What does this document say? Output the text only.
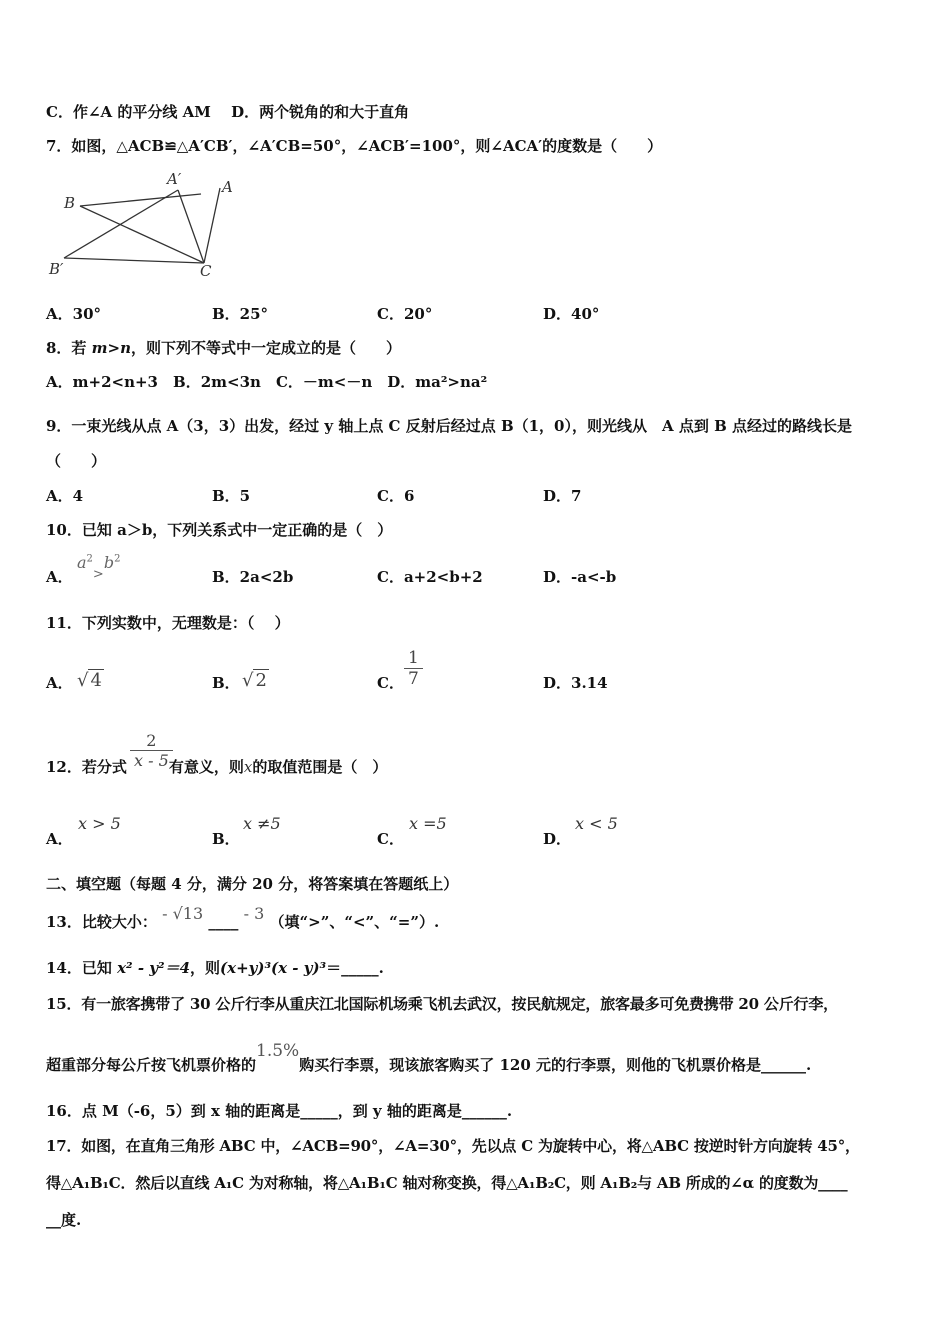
C．作∠A 的平分线 AM　 D．两个锐角的和大于直角
7．如图，△ACB≌△A′CB′，∠A′CB=50°，∠ACB′=100°，则∠ACA′的度数是（　　）
B
A′	A
B′	C
A．30°	B．25°	C．20°	D．40°
8．若 m>n，则下列不等式中一定成立的是（　　）
A．m+2<n+3　 B．2m<3n　 C．－m<－n　 D．ma²>na²
9．一束光线从点 A（3，3）出发，经过 y 轴上点 C 反射后经过点 B（1，0），则光线从　A 点到 B 点经过的路线长是
（　　）
A．4	B．5	C．6	D．7
10．已知 a＞b，下列关系式中一定正确的是（　）
A．
$a^2_>b^2$
B．2a<2b	C．a+2<b+2	D．-a<-b
11．下列实数中，无理数是：（　 ）
A． √ 4	B． √ 2	C． $\frac{1}{7}$	D．3.14
12．若分式	有意义，则x的取值范围是（　）
$\frac{2}{x - 5}$
A．
x > 5
B．
x ≠5
C．
x =5
D．
x < 5
二、填空题（每题 4 分，满分 20 分，将答案填在答题纸上）
13．比较大小： - √13 ____ - 3 （填“>”、“<”、“=”）.
14．已知 x² - y²＝4，则(x+y)³(x - y)³＝_____.
15．有一旅客携带了 30 公斤行李从重庆江北国际机场乘飞机去武汉，按民航规定，旅客最多可免费携带 20 公斤行李，
超重部分每公斤按飞机票价格的1.5%购买行李票，现该旅客购买了 120 元的行李票，则他的飞机票价格是______.
16．点 M（-6，5）到 x 轴的距离是_____，到 y 轴的距离是______.
17．如图，在直角三角形 ABC 中，∠ACB=90°，∠A=30°，先以点 C 为旋转中心，将△ABC 按逆时针方向旋转 45°，
得△A₁B₁C．然后以直线 A₁C 为对称轴，将△A₁B₁C 轴对称变换，得△A₁B₂C，则 A₁B₂与 AB 所成的∠α 的度数为____
__度.
